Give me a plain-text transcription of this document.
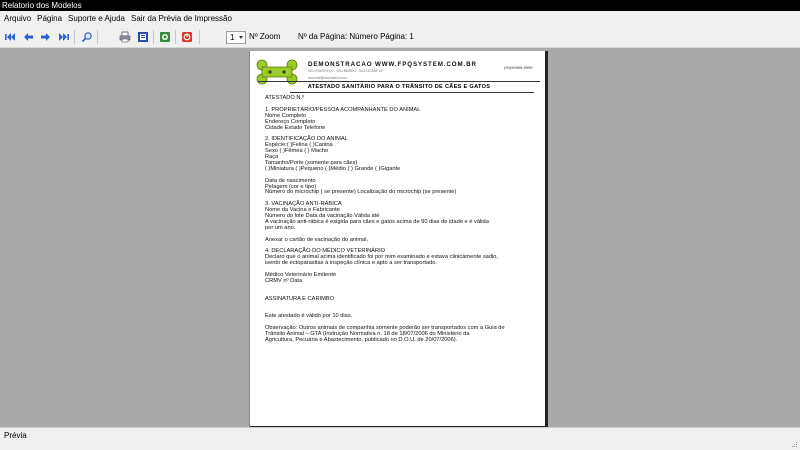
Relatorio dos Modelos
Arquivo Página Suporte e Ajuda Sair da Prévia de Impressão
1	Nº Zoom Nº da Página: Número Página: 1
DEMONSTRACAO WWW.FPQSYSTEM.COM.BR
SEU ENDEREÇO - SEU BAIRRO - SUA CIDADE UF
seuemail@seuemail.com.br
(99)99999-9999
ATESTADO SANITÁRIO PARA O TRÂNSITO DE CÃES E GATOS
ATESTADO N.º
1. PROPRIETÁRIO/PESSOA ACOMPANHANTE DO ANIMAL
Nome Completo
Endereço Completo
Cidade Estado Telefone
2. IDENTIFICAÇÃO DO ANIMAL
Espécie:( )Felina ( )Canina
Sexo ( )Fêmea ( ) Macho
Raça
Tamanho/Porte (somente para cães)
( )Miniatura ( )Pequeno ( )Médio ( ) Grande ( )Gigante
Data de nascimento
Pelagem (cor e tipo)
Número do microchip ( se presente) Localização do microchip (se presente)
3. VACINAÇÃO ANTI-RÁBICA
Nome da Vacina e Fabricante
Número do lote Data da vacinação Válida até
A vacinação anti-rábica é exigida para cães e gatos acima de 90 dias de idade e é válida
por um ano.
Anexar o cartão de vacinação do animal.
4. DECLARAÇÃO DO MÉDICO VETERINÁRIO
Declaro que o animal acima identificado foi por mim examinado e estava clinicamente sadio,
isento de ectoparasitas à inspeção clínica e apto a ser transportado.
Médico Veterinário Emitente
CRMV nº Data
ASSINATURA E CARIMBO
Este atestado é válido por 10 dias.
Observação: Outros animais de companhia somente poderão ser transportados com a Guia de
Trânsito Animal – GTA (Instrução Normativa n. 18 de 18/07/2006 do Ministério da
Agricultura, Pecuária e Abastecimento, publicado no D.O.U. de 20/07/2006).
Prévia
